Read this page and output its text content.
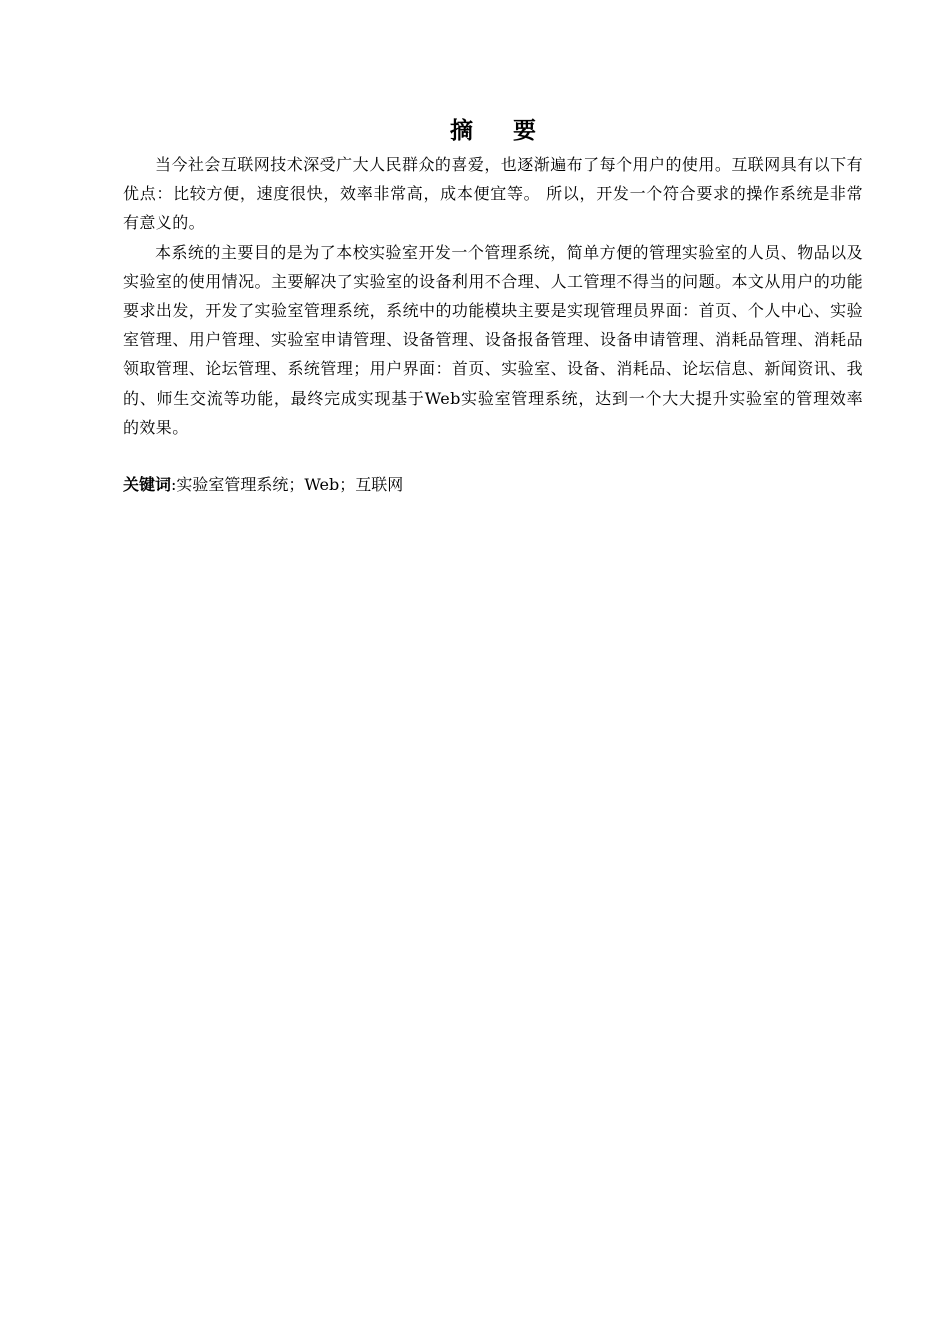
摘 要

当今社会互联网技术深受广大人民群众的喜爱，也逐渐遍布了每个用户的使用。互联网具有以下有优点：比较方便，速度很快，效率非常高，成本便宜等。 所以，开发一个符合要求的操作系统是非常有意义的。

本系统的主要目的是为了本校实验室开发一个管理系统，简单方便的管理实验室的人员、物品以及实验室的使用情况。主要解决了实验室的设备利用不合理、人工管理不得当的问题。本文从用户的功能要求出发，开发了实验室管理系统，系统中的功能模块主要是实现管理员界面：首页、个人中心、实验室管理、用户管理、实验室申请管理、设备管理、设备报备管理、设备申请管理、消耗品管理、消耗品领取管理、论坛管理、系统管理；用户界面：首页、实验室、设备、消耗品、论坛信息、新闻资讯、我的、师生交流等功能，最终完成实现基于Web实验室管理系统，达到一个大大提升实验室的管理效率的效果。

关键词:实验室管理系统；Web；互联网
